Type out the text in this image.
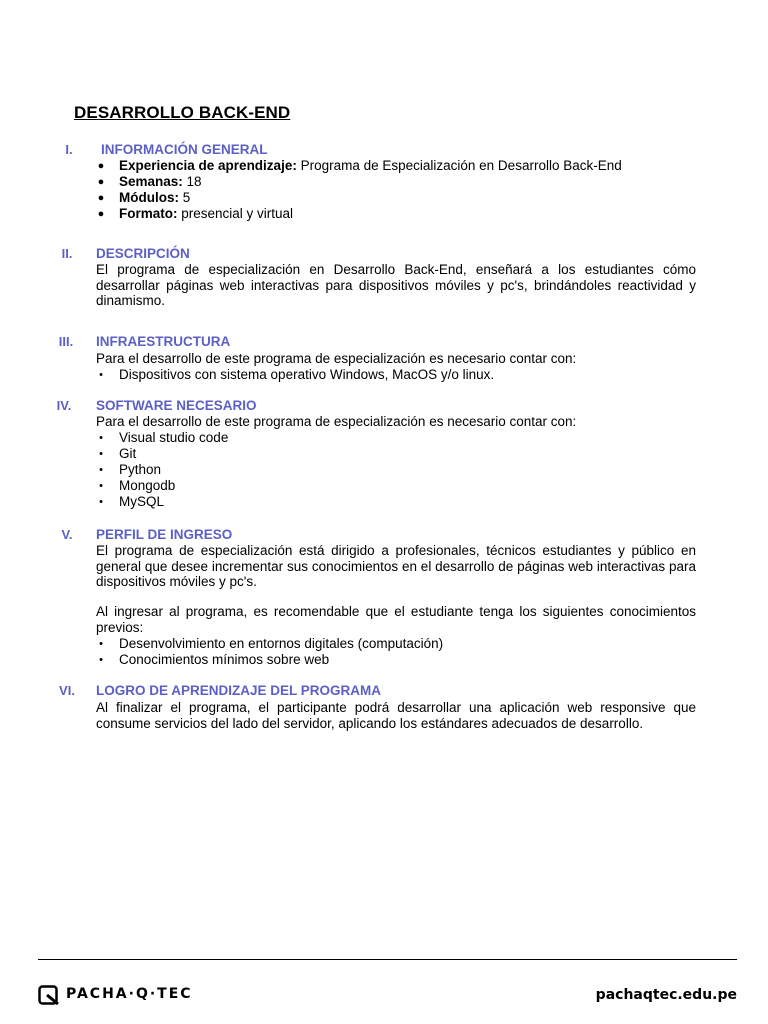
DESARROLLO BACK-END
I.	INFORMACIÓN GENERAL
● Experiencia de aprendizaje: Programa de Especialización en Desarrollo Back-End
● Semanas: 18
● Módulos: 5
● Formato: presencial y virtual
II.	DESCRIPCIÓN
El programa de especialización en Desarrollo Back-End, enseñará a los estudiantes cómo desarrollar páginas web interactivas para dispositivos móviles y pc's, brindándoles reactividad y dinamismo.
III.	INFRAESTRUCTURA
Para el desarrollo de este programa de especialización es necesario contar con:
• Dispositivos con sistema operativo Windows, MacOS y/o linux.
IV.	SOFTWARE NECESARIO
Para el desarrollo de este programa de especialización es necesario contar con:
• Visual studio code
• Git
• Python
• Mongodb
• MySQL
V.	PERFIL DE INGRESO
El programa de especialización está dirigido a profesionales, técnicos estudiantes y público en general que desee incrementar sus conocimientos en el desarrollo de páginas web interactivas para dispositivos móviles y pc's.
Al ingresar al programa, es recomendable que el estudiante tenga los siguientes conocimientos previos:
• Desenvolvimiento en entornos digitales (computación)
• Conocimientos mínimos sobre web
VI.	LOGRO DE APRENDIZAJE DEL PROGRAMA
Al finalizar el programa, el participante podrá desarrollar una aplicación web responsive que consume servicios del lado del servidor, aplicando los estándares adecuados de desarrollo.
PACHA·Q·TEC	pachaqtec.edu.pe
